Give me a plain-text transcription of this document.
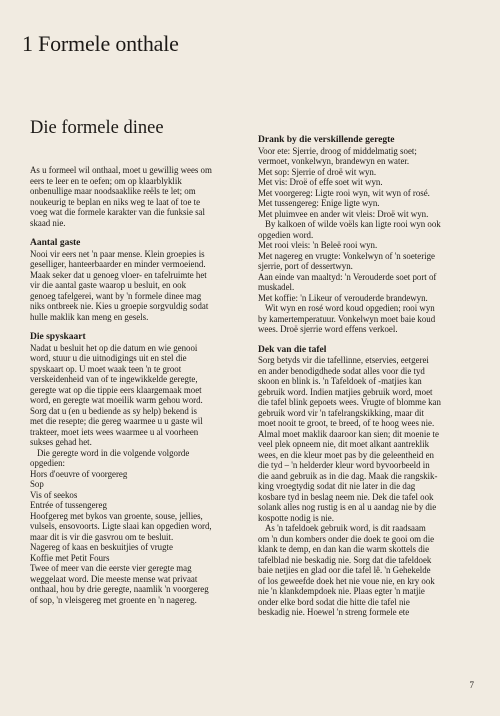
1 Formele onthale
Die formele dinee

As u formeel wil onthaal, moet u gewillig wees om

eers te leer en te oefen; om op klaarblyklik

onbenullige maar noodsaaklike reëls te let; om

noukeurig te beplan en niks weg te laat of toe te

voeg wat die formele karakter van die funksie sal

skaad nie.

Aantal gaste

Nooi vir eers net 'n paar mense. Klein groepies is

geselliger, hanteerbaarder en minder vermoeiend.

Maak seker dat u genoeg vloer- en tafelruimte het

vir die aantal gaste waarop u besluit, en ook

genoeg tafelgerei, want by 'n formele dinee mag

niks ontbreek nie. Kies u groepie sorgvuldig sodat

hulle maklik kan meng en gesels.

Die spyskaart

Nadat u besluit het op die datum en wie genooi

word, stuur u die uitnodigings uit en stel die

spyskaart op. U moet waak teen 'n te groot

verskeidenheid van of te ingewikkelde geregte,

geregte wat op die tippie eers klaargemaak moet

word, en geregte wat moeilik warm gehou word.

Sorg dat u (en u bediende as sy help) bekend is

met die resepte; die gereg waarmee u u gaste wil

trakteer, moet iets wees waarmee u al voorheen

sukses gehad het.

Die geregte word in die volgende volgorde

opgedien:

Hors d'oeuvre of voorgereg

Sop

Vis of seekos

Entrée of tussengereg

Hoofgereg met bykos van groente, souse, jellies,

vulsels, ensovoorts. Ligte slaai kan opgedien word,

maar dit is vir die gasvrou om te besluit.

Nagereg of kaas en beskuitjies of vrugte

Koffie met Petit Fours

Twee of meer van die eerste vier geregte mag

weggelaat word. Die meeste mense wat privaat

onthaal, hou by drie geregte, naamlik 'n voorgereg

of sop, 'n vleisgereg met groente en 'n nagereg.

Drank by die verskillende geregte

Voor ete: Sjerrie, droog of middelmatig soet;

vermoet, vonkelwyn, brandewyn en water.

Met sop: Sjerrie of droë wit wyn.

Met vis: Droë of effe soet wit wyn.

Met voorgereg: Ligte rooi wyn, wit wyn of rosé.

Met tussengereg: Enige ligte wyn.

Met pluimvee en ander wit vleis: Droë wit wyn.

By kalkoen of wilde voëls kan ligte rooi wyn ook

opgedien word.

Met rooi vleis: 'n Beleë rooi wyn.

Met nagereg en vrugte: Vonkelwyn of 'n soeterige

sjerrie, port of dessertwyn.

Aan einde van maaltyd: 'n Verouderde soet port of

muskadel.

Met koffie: 'n Likeur of verouderde brandewyn.

Wit wyn en rosé word koud opgedien; rooi wyn

by kamertemperatuur. Vonkelwyn moet baie koud

wees. Droë sjerrie word effens verkoel.

Dek van die tafel

Sorg betyds vir die tafellinne, etservies, eetgerei

en ander benodigdhede sodat alles voor die tyd

skoon en blink is. 'n Tafeldoek of -matjies kan

gebruik word. Indien matjies gebruik word, moet

die tafel blink gepoets wees. Vrugte of blomme kan

gebruik word vir 'n tafelrangskikking, maar dit

moet nooit te groot, te breed, of te hoog wees nie.

Almal moet maklik daaroor kan sien; dit moenie te

veel plek opneem nie, dit moet alkant aantreklik

wees, en die kleur moet pas by die geleentheid en

die tyd – 'n helderder kleur word byvoorbeeld in

die aand gebruik as in die dag. Maak die rangskik-

king vroegtydig sodat dit nie later in die dag

kosbare tyd in beslag neem nie. Dek die tafel ook

solank alles nog rustig is en al u aandag nie by die

kospotte nodig is nie.

As 'n tafeldoek gebruik word, is dit raadsaam

om 'n dun kombers onder die doek te gooi om die

klank te demp, en dan kan die warm skottels die

tafelblad nie beskadig nie. Sorg dat die tafeldoek

baie netjies en glad oor die tafel lê. 'n Gehekelde

of los geweefde doek het nie voue nie, en kry ook

nie 'n klankdempdoek nie. Plaas egter 'n matjie

onder elke bord sodat die hitte die tafel nie

beskadig nie. Hoewel 'n streng formele ete

7
